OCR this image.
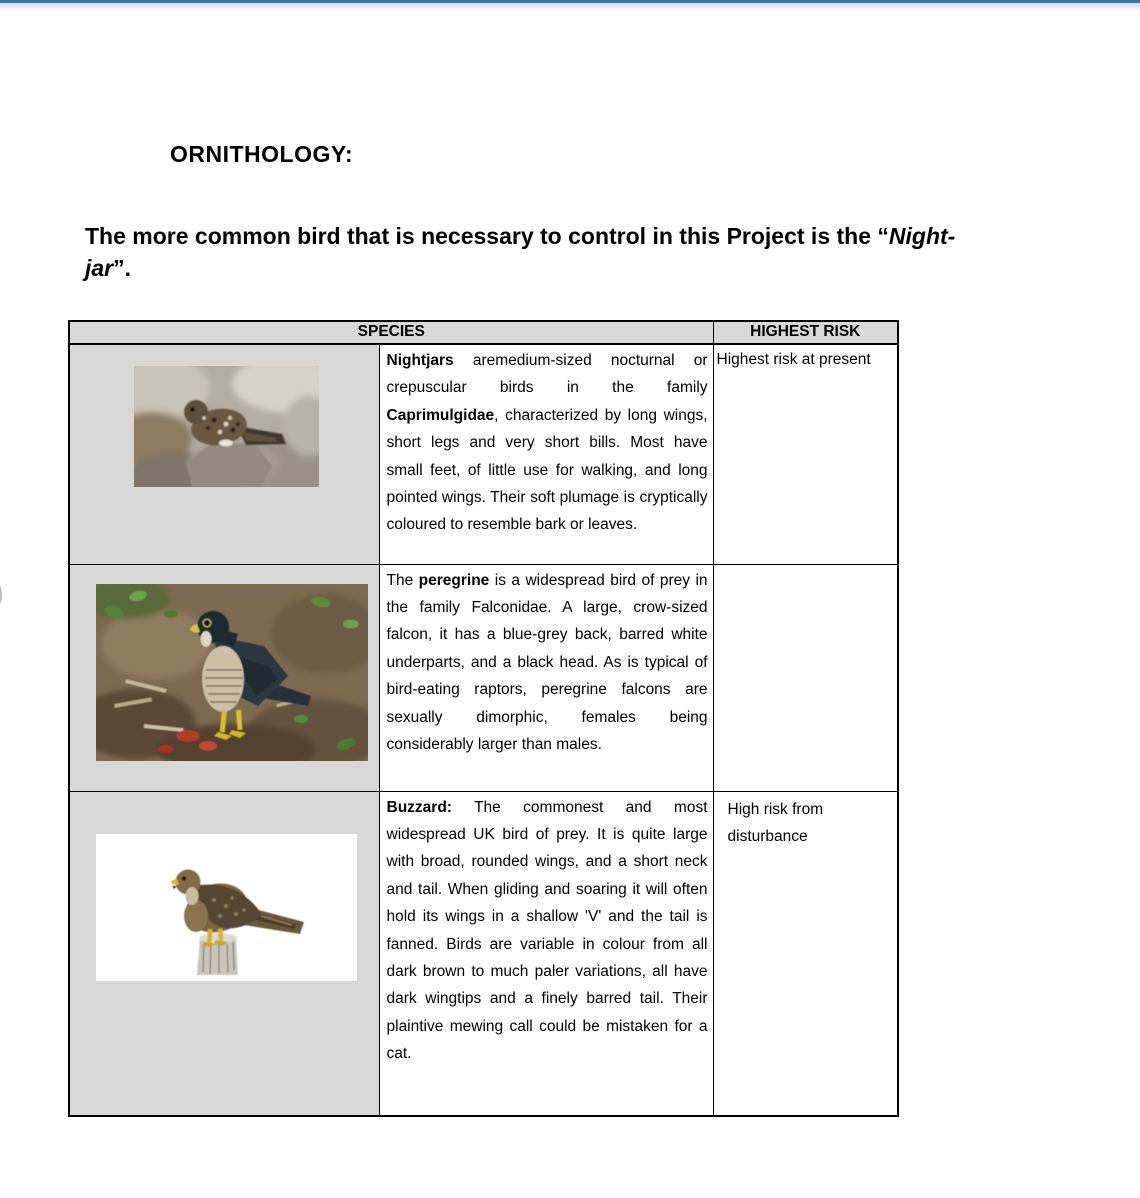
ORNITHOLOGY:

The more common bird that is necessary to control in this Project is the “Night-
jar”.

SPECIES		HIGHEST RISK

	Nightjars aremedium-sized nocturnal or crepuscular birds in the family Caprimulgidae, characterized by long wings, short legs and very short bills. Most have small feet, of little use for walking, and long pointed wings. Their soft plumage is cryptically coloured to resemble bark or leaves.	Highest risk at present

	The peregrine is a widespread bird of prey in the family Falconidae. A large, crow-sized falcon, it has a blue-grey back, barred white underparts, and a black head. As is typical of bird-eating raptors, peregrine falcons are sexually dimorphic, females being considerably larger than males.	

	Buzzard: The commonest and most widespread UK bird of prey. It is quite large with broad, rounded wings, and a short neck and tail. When gliding and soaring it will often hold its wings in a shallow 'V' and the tail is fanned. Birds are variable in colour from all dark brown to much paler variations, all have dark wingtips and a finely barred tail. Their plaintive mewing call could be mistaken for a cat.	High risk from disturbance
